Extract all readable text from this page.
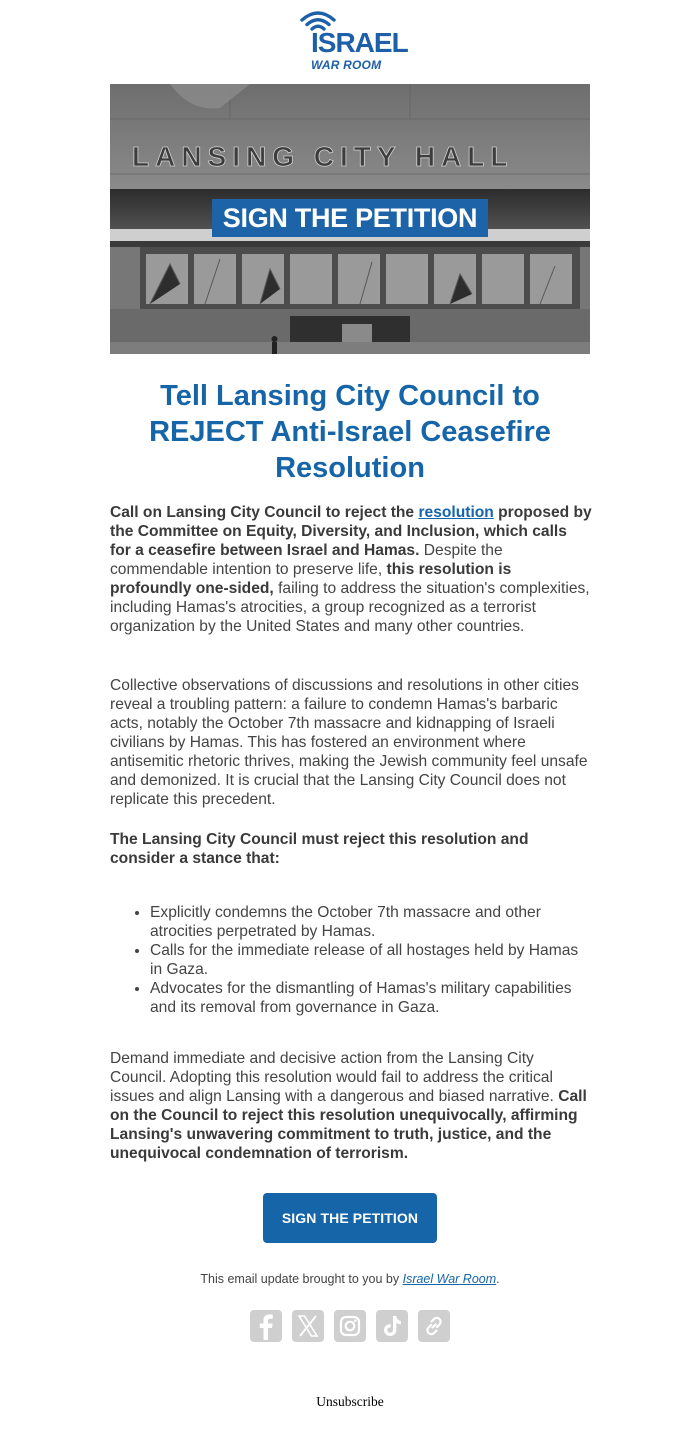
ISRAEL
WAR ROOM
LANSING CITY HALL
SIGN THE PETITION
Tell Lansing City Council to REJECT Anti-Israel Ceasefire Resolution

Call on Lansing City Council to reject the resolution proposed by the Committee on Equity, Diversity, and Inclusion, which calls for a ceasefire between Israel and Hamas. Despite the commendable intention to preserve life, this resolution is profoundly one-sided, failing to address the situation's complexities, including Hamas's atrocities, a group recognized as a terrorist organization by the United States and many other countries.

Collective observations of discussions and resolutions in other cities reveal a troubling pattern: a failure to condemn Hamas's barbaric acts, notably the October 7th massacre and kidnapping of Israeli civilians by Hamas. This has fostered an environment where antisemitic rhetoric thrives, making the Jewish community feel unsafe and demonized. It is crucial that the Lansing City Council does not replicate this precedent.

The Lansing City Council must reject this resolution and consider a stance that:

• Explicitly condemns the October 7th massacre and other atrocities perpetrated by Hamas.
• Calls for the immediate release of all hostages held by Hamas in Gaza.
• Advocates for the dismantling of Hamas's military capabilities and its removal from governance in Gaza.

Demand immediate and decisive action from the Lansing City Council. Adopting this resolution would fail to address the critical issues and align Lansing with a dangerous and biased narrative. Call on the Council to reject this resolution unequivocally, affirming Lansing's unwavering commitment to truth, justice, and the unequivocal condemnation of terrorism.

SIGN THE PETITION
This email update brought to you by Israel War Room.
Unsubscribe
